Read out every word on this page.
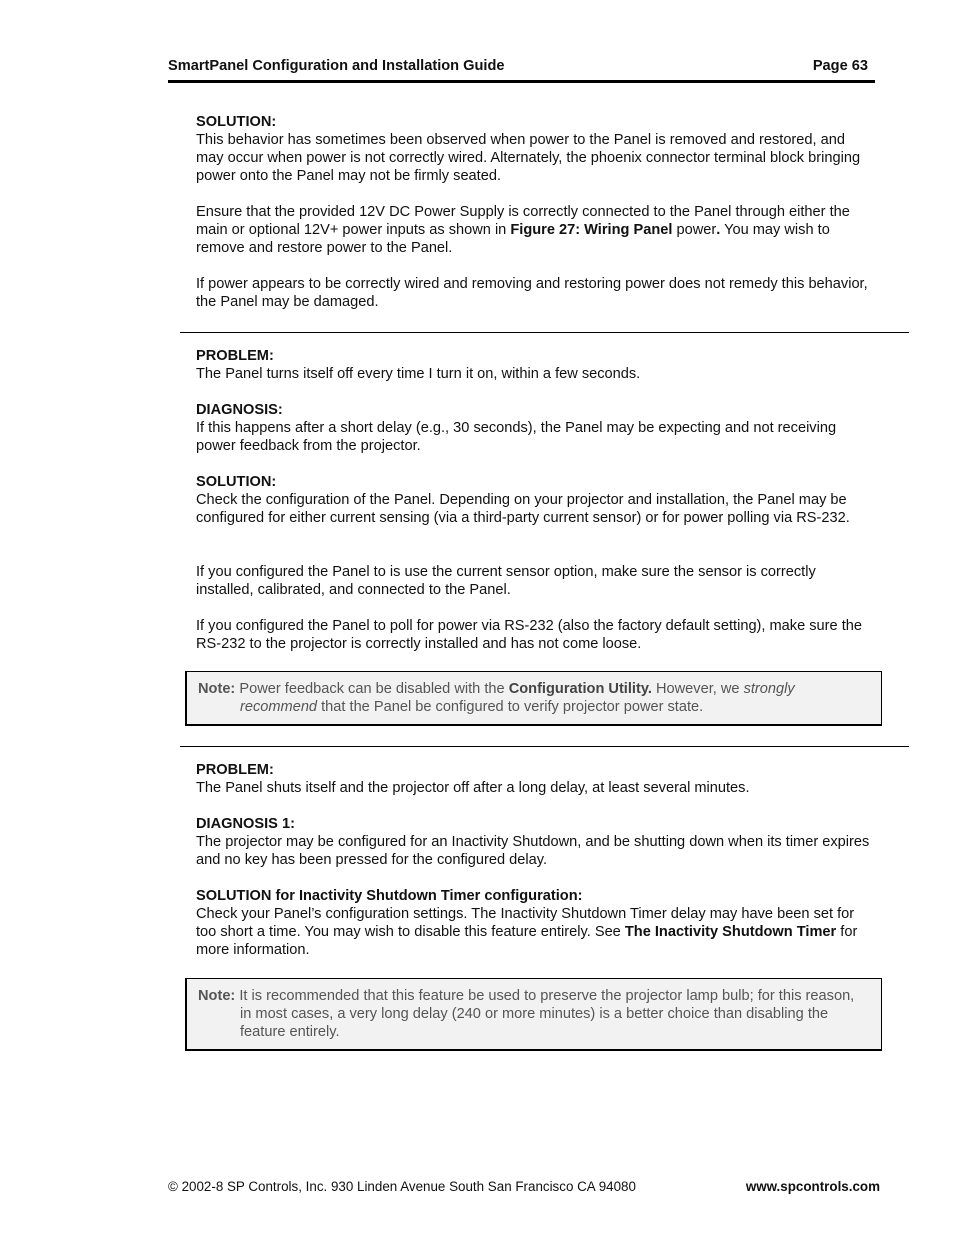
SmartPanel Configuration and Installation Guide	Page 63

SOLUTION:

This behavior has sometimes been observed when power to the Panel is removed and restored, and may occur when power is not correctly wired. Alternately, the phoenix connector terminal block bringing power onto the Panel may not be firmly seated.

Ensure that the provided 12V DC Power Supply is correctly connected to the Panel through either the main or optional 12V+ power inputs as shown in Figure 27: Wiring Panel power. You may wish to remove and restore power to the Panel.

If power appears to be correctly wired and removing and restoring power does not remedy this behavior, the Panel may be damaged.

PROBLEM:

The Panel turns itself off every time I turn it on, within a few seconds.

DIAGNOSIS:

If this happens after a short delay (e.g., 30 seconds), the Panel may be expecting and not receiving power feedback from the projector.

SOLUTION:

Check the configuration of the Panel. Depending on your projector and installation, the Panel may be configured for either current sensing (via a third-party current sensor) or for power polling via RS-232.

If you configured the Panel to is use the current sensor option, make sure the sensor is correctly installed, calibrated, and connected to the Panel.

If you configured the Panel to poll for power via RS-232 (also the factory default setting), make sure the RS-232 to the projector is correctly installed and has not come loose.

Note: Power feedback can be disabled with the Configuration Utility. However, we strongly recommend that the Panel be configured to verify projector power state.

PROBLEM:

The Panel shuts itself and the projector off after a long delay, at least several minutes.

DIAGNOSIS 1:

The projector may be configured for an Inactivity Shutdown, and be shutting down when its timer expires and no key has been pressed for the configured delay.

SOLUTION for Inactivity Shutdown Timer configuration:

Check your Panel’s configuration settings. The Inactivity Shutdown Timer delay may have been set for too short a time. You may wish to disable this feature entirely. See The Inactivity Shutdown Timer for more information.

Note: It is recommended that this feature be used to preserve the projector lamp bulb; for this reason, in most cases, a very long delay (240 or more minutes) is a better choice than disabling the feature entirely.

© 2002-8 SP Controls, Inc. 930 Linden Avenue South San Francisco CA 94080	www.spcontrols.com
